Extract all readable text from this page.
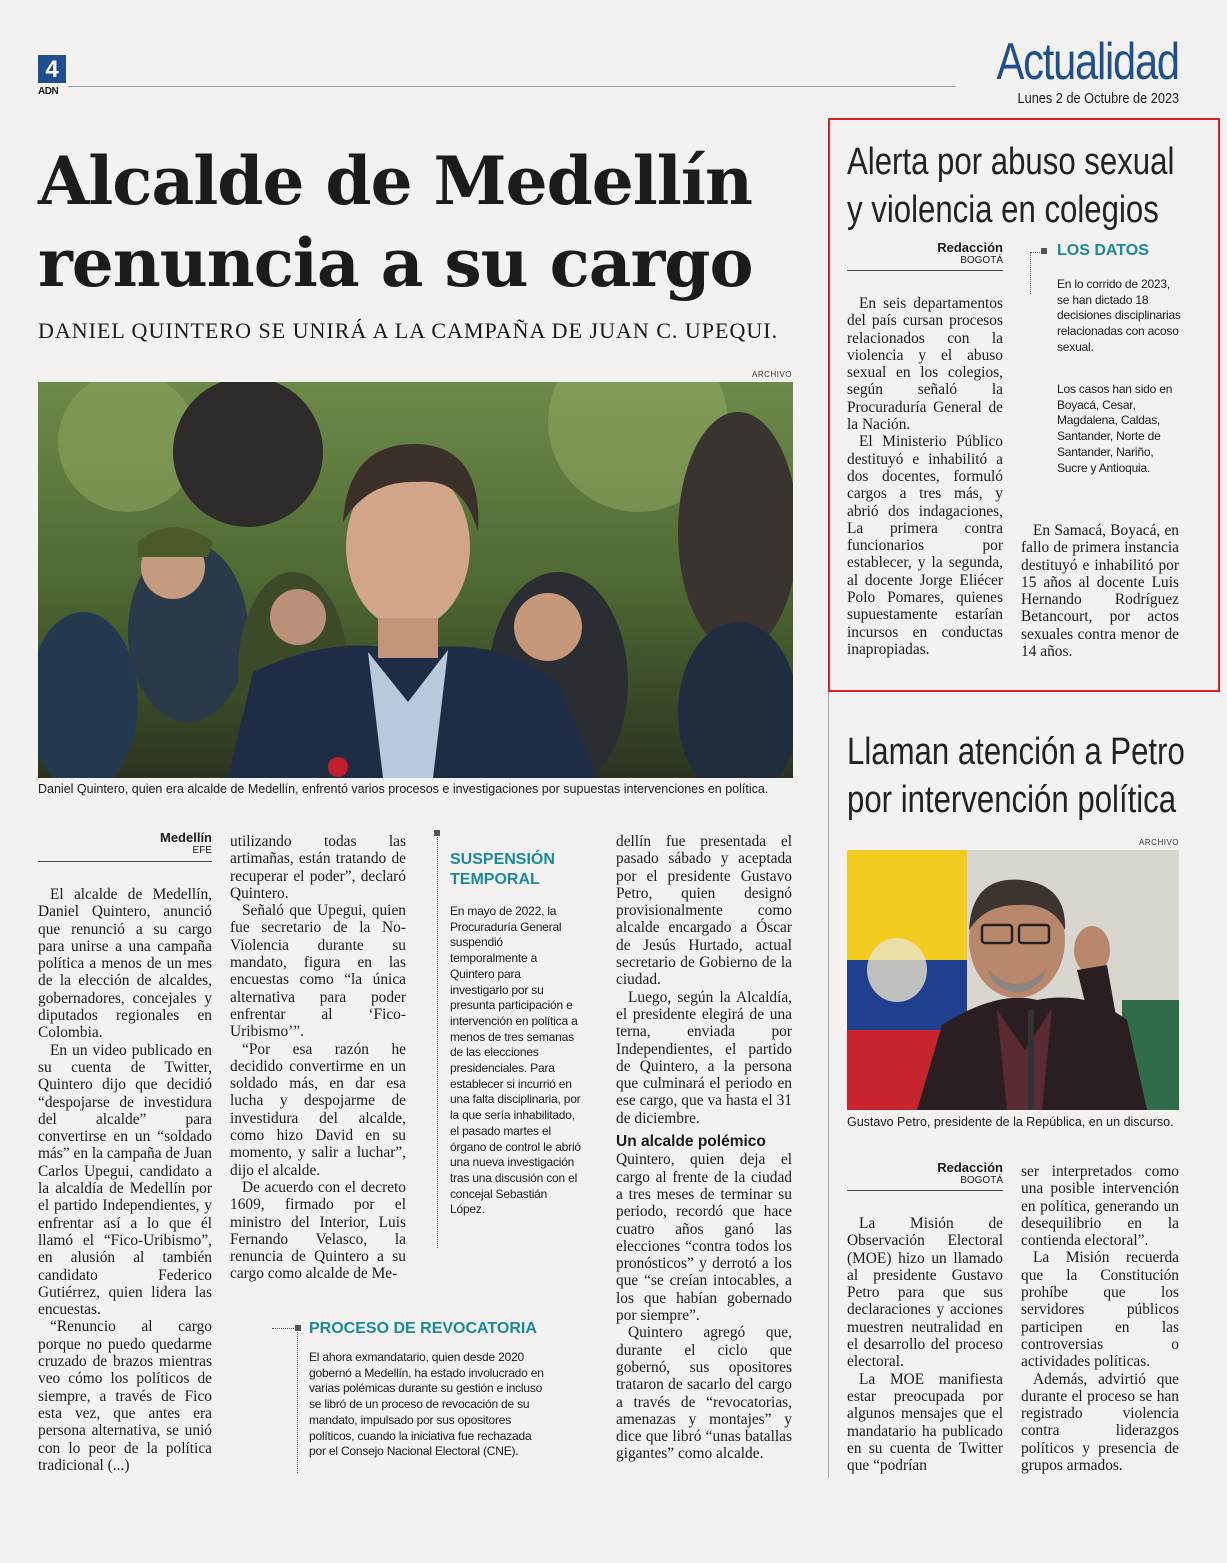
4
ADN
Actualidad
Lunes 2 de Octubre de 2023
Alcalde de Medellín renuncia a su cargo
DANIEL QUINTERO SE UNIRÁ A LA CAMPAÑA DE JUAN C. UPEQUI.
ARCHIVO
Daniel Quintero, quien era alcalde de Medellín, enfrentó varios procesos e investigaciones por supuestas intervenciones en política.
Medellín
EFE

El alcalde de Medellín, Daniel Quintero, anunció que renunció a su cargo para unirse a una campaña política a menos de un mes de la elección de alcaldes, gobernadores, concejales y diputados regionales en Colombia.

En un video publicado en su cuenta de Twitter, Quintero dijo que decidió “despojarse de investidura del alcalde” para convertirse en un “soldado más” en la campaña de Juan Carlos Upegui, candidato a la alcaldía de Medellín por el partido Independientes, y enfrentar así a lo que él llamó el “Fico-Uribismo”, en alusión al también candidato Federico Gutiérrez, quien lidera las encuestas.

“Renuncio al cargo porque no puedo quedarme cruzado de brazos mientras veo cómo los políticos de siempre, a través de Fico esta vez, que antes era persona alternativa, se unió con lo peor de la política tradicional (...)

utilizando todas las artimañas, están tratando de recuperar el poder”, declaró Quintero.

Señaló que Upegui, quien fue secretario de la No-Violencia durante su mandato, figura en las encuestas como “la única alternativa para poder enfrentar al ‘Fico-Uribismo’”.

“Por esa razón he decidido convertirme en un soldado más, en dar esa lucha y despojarme de investidura del alcalde, como hizo David en su momento, y salir a luchar”, dijo el alcalde.

De acuerdo con el decreto 1609, firmado por el ministro del Interior, Luis Fernando Velasco, la renuncia de Quintero a su cargo como alcalde de Me-

SUSPENSIÓN TEMPORAL
En mayo de 2022, la Procuraduría General suspendió temporalmente a Quintero para investigarlo por su presunta participación e intervención en política a menos de tres semanas de las elecciones presidenciales. Para establecer si incurrió en una falta disciplinaria, por la que sería inhabilitado, el pasado martes el órgano de control le abrió una nueva investigación tras una discusión con el concejal Sebastián López.
PROCESO DE REVOCATORIA
El ahora exmandatario, quien desde 2020 gobernó a Medellín, ha estado involucrado en varias polémicas durante su gestión e incluso se libró de un proceso de revocación de su mandato, impulsado por sus opositores políticos, cuando la iniciativa fue rechazada por el Consejo Nacional Electoral (CNE).

dellín fue presentada el pasado sábado y aceptada por el presidente Gustavo Petro, quien designó provisionalmente como alcalde encargado a Óscar de Jesús Hurtado, actual secretario de Gobierno de la ciudad.

Luego, según la Alcaldía, el presidente elegirá de una terna, enviada por Independientes, el partido de Quintero, a la persona que culminará el periodo en ese cargo, que va hasta el 31 de diciembre.

Un alcalde polémico

Quintero, quien deja el cargo al frente de la ciudad a tres meses de terminar su periodo, recordó que hace cuatro años ganó las elecciones “contra todos los pronósticos” y derrotó a los que “se creían intocables, a los que habían gobernado por siempre”.

Quintero agregó que, durante el ciclo que gobernó, sus opositores trataron de sacarlo del cargo a través de “revocatorias, amenazas y montajes” y dice que libró “unas batallas gigantes” como alcalde.

Alerta por abuso sexual
y violencia en colegios
Redacción
BOGOTÁ

En seis departamentos del país cursan procesos relacionados con la violencia y el abuso sexual en los colegios, según señaló la Procuraduría General de la Nación.

El Ministerio Público destituyó e inhabilitó a dos docentes, formuló cargos a tres más, y abrió dos indagaciones, La primera contra funcionarios por establecer, y la segunda, al docente Jorge Eliécer Polo Pomares, quienes supuestamente estarían incursos en conductas inapropiadas.

LOS DATOS
En lo corrido de 2023, se han dictado 18 decisiones disciplinarias relacionadas con acoso sexual.
Los casos han sido en Boyacá, Cesar, Magdalena, Caldas, Santander, Norte de Santander, Nariño, Sucre y Antioquia.

En Samacá, Boyacá, en fallo de primera instancia destituyó e inhabilitó por 15 años al docente Luis Hernando Rodríguez Betancourt, por actos sexuales contra menor de 14 años.

Llaman atención a Petro
por intervención política
ARCHIVO
Gustavo Petro, presidente de la República, en un discurso.
Redacción
BOGOTÁ

La Misión de Observación Electoral (MOE) hizo un llamado al presidente Gustavo Petro para que sus declaraciones y acciones muestren neutralidad en el desarrollo del proceso electoral.

La MOE manifiesta estar preocupada por algunos mensajes que el mandatario ha publicado en su cuenta de Twitter que “podrían

ser interpretados como una posible intervención en política, generando un desequilibrio en la contienda electoral”.

La Misión recuerda que la Constitución prohíbe que los servidores públicos participen en las controversias o actividades políticas.

Además, advirtió que durante el proceso se han registrado violencia contra liderazgos políticos y presencia de grupos armados.
